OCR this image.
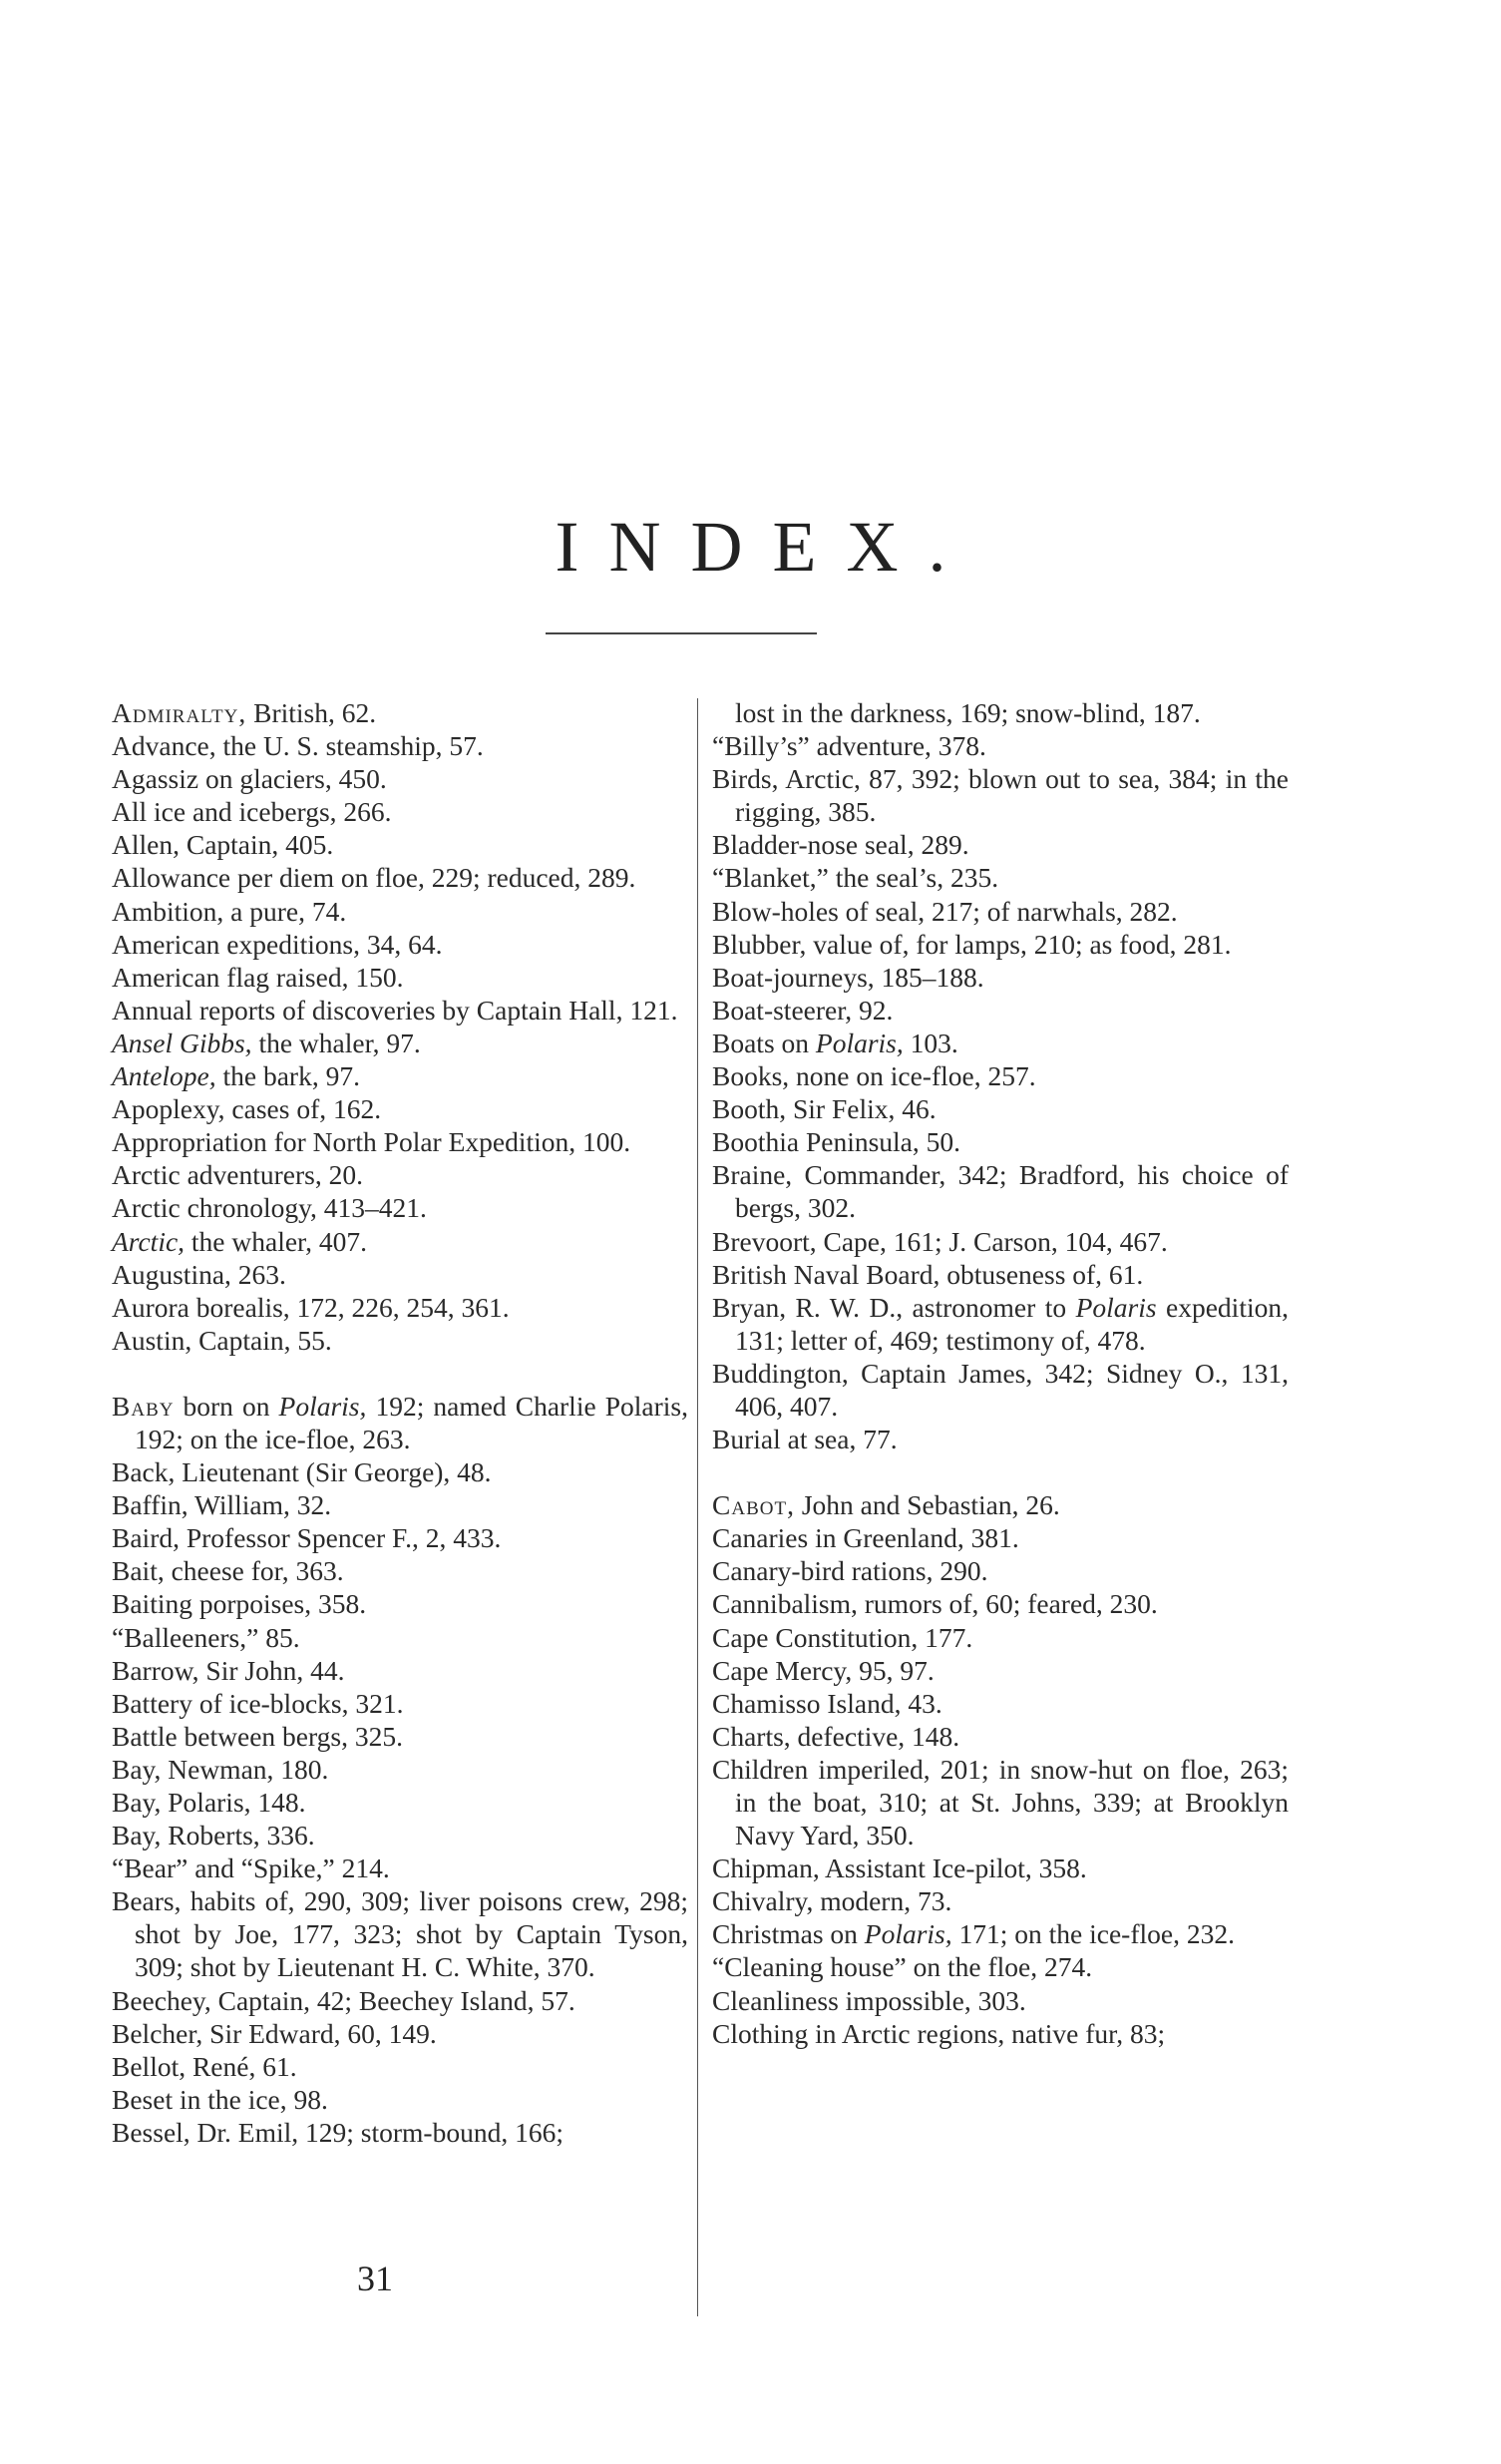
INDEX.

Admiralty, British, 62.

Advance, the U. S. steamship, 57.

Agassiz on glaciers, 450.

All ice and icebergs, 266.

Allen, Captain, 405.

Allowance per diem on floe, 229; reduced, 289.

Ambition, a pure, 74.

American expeditions, 34, 64.

American flag raised, 150.

Annual reports of discoveries by Captain Hall, 121.

Ansel Gibbs, the whaler, 97.

Antelope, the bark, 97.

Apoplexy, cases of, 162.

Appropriation for North Polar Expedition, 100.

Arctic adventurers, 20.

Arctic chronology, 413–421.

Arctic, the whaler, 407.

Augustina, 263.

Aurora borealis, 172, 226, 254, 361.

Austin, Captain, 55.

Baby born on Polaris, 192; named Charlie Polaris, 192; on the ice-floe, 263.

Back, Lieutenant (Sir George), 48.

Baffin, William, 32.

Baird, Professor Spencer F., 2, 433.

Bait, cheese for, 363.

Baiting porpoises, 358.

“Balleeners,” 85.

Barrow, Sir John, 44.

Battery of ice-blocks, 321.

Battle between bergs, 325.

Bay, Newman, 180.

Bay, Polaris, 148.

Bay, Roberts, 336.

“Bear” and “Spike,” 214.

Bears, habits of, 290, 309; liver poisons crew, 298; shot by Joe, 177, 323; shot by Captain Tyson, 309; shot by Lieutenant H. C. White, 370.

Beechey, Captain, 42; Beechey Island, 57.

Belcher, Sir Edward, 60, 149.

Bellot, René, 61.

Beset in the ice, 98.

Bessel, Dr. Emil, 129; storm-bound, 166;

lost in the darkness, 169; snow-blind, 187.

“Billy’s” adventure, 378.

Birds, Arctic, 87, 392; blown out to sea, 384; in the rigging, 385.

Bladder-nose seal, 289.

“Blanket,” the seal’s, 235.

Blow-holes of seal, 217; of narwhals, 282.

Blubber, value of, for lamps, 210; as food, 281.

Boat-journeys, 185–188.

Boat-steerer, 92.

Boats on Polaris, 103.

Books, none on ice-floe, 257.

Booth, Sir Felix, 46.

Boothia Peninsula, 50.

Braine, Commander, 342; Bradford, his choice of bergs, 302.

Brevoort, Cape, 161; J. Carson, 104, 467.

British Naval Board, obtuseness of, 61.

Bryan, R. W. D., astronomer to Polaris expedition, 131; letter of, 469; testimony of, 478.

Buddington, Captain James, 342; Sidney O., 131, 406, 407.

Burial at sea, 77.

Cabot, John and Sebastian, 26.

Canaries in Greenland, 381.

Canary-bird rations, 290.

Cannibalism, rumors of, 60; feared, 230.

Cape Constitution, 177.

Cape Mercy, 95, 97.

Chamisso Island, 43.

Charts, defective, 148.

Children imperiled, 201; in snow-hut on floe, 263; in the boat, 310; at St. Johns, 339; at Brooklyn Navy Yard, 350.

Chipman, Assistant Ice-pilot, 358.

Chivalry, modern, 73.

Christmas on Polaris, 171; on the ice-floe, 232.

“Cleaning house” on the floe, 274.

Cleanliness impossible, 303.

Clothing in Arctic regions, native fur, 83;

31
